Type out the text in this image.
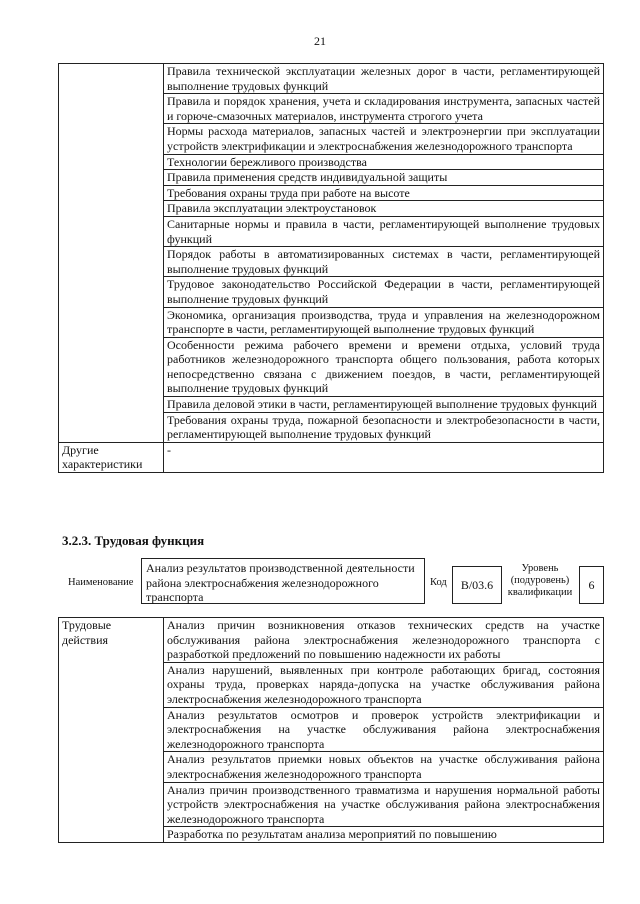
21
	Правила технической эксплуатации железных дорог в части, регламентирующей выполнение трудовых функций
	Правила и порядок хранения, учета и складирования инструмента, запасных частей и горюче-смазочных материалов, инструмента строгого учета
	Нормы расхода материалов, запасных частей и электроэнергии при эксплуатации устройств электрификации и электроснабжения железнодорожного транспорта
	Технологии бережливого производства
	Правила применения средств индивидуальной защиты
	Требования охраны труда при работе на высоте
	Правила эксплуатации электроустановок
	Санитарные нормы и правила в части, регламентирующей выполнение трудовых функций
	Порядок работы в автоматизированных системах в части, регламентирующей выполнение трудовых функций
	Трудовое законодательство Российской Федерации в части, регламентирующей выполнение трудовых функций
	Экономика, организация производства, труда и управления на железнодорожном транспорте в части, регламентирующей выполнение трудовых функций
	Особенности режима рабочего времени и времени отдыха, условий труда работников железнодорожного транспорта общего пользования, работа которых непосредственно связана с движением поездов, в части, регламентирующей выполнение трудовых функций
	Правила деловой этики в части, регламентирующей выполнение трудовых функций
	Требования охраны труда, пожарной безопасности и электробезопасности в части, регламентирующей выполнение трудовых функций
Другие характеристики	-
3.2.3. Трудовая функция
Наименование
Анализ результатов производственной деятельности района электроснабжения железнодорожного транспорта
Код	B/03.6
Уровень (подуровень) квалификации
6
Трудовые действия	Анализ причин возникновения отказов технических средств на участке обслуживания района электроснабжения железнодорожного транспорта с разработкой предложений по повышению надежности их работы
Анализ нарушений, выявленных при контроле работающих бригад, состояния охраны труда, проверках наряда-допуска на участке обслуживания района электроснабжения железнодорожного транспорта
Анализ результатов осмотров и проверок устройств электрификации и электроснабжения на участке обслуживания района электроснабжения железнодорожного транспорта
Анализ результатов приемки новых объектов на участке обслуживания района электроснабжения железнодорожного транспорта
Анализ причин производственного травматизма и нарушения нормальной работы устройств электроснабжения на участке обслуживания района электроснабжения железнодорожного транспорта
Разработка по результатам анализа мероприятий по повышению
